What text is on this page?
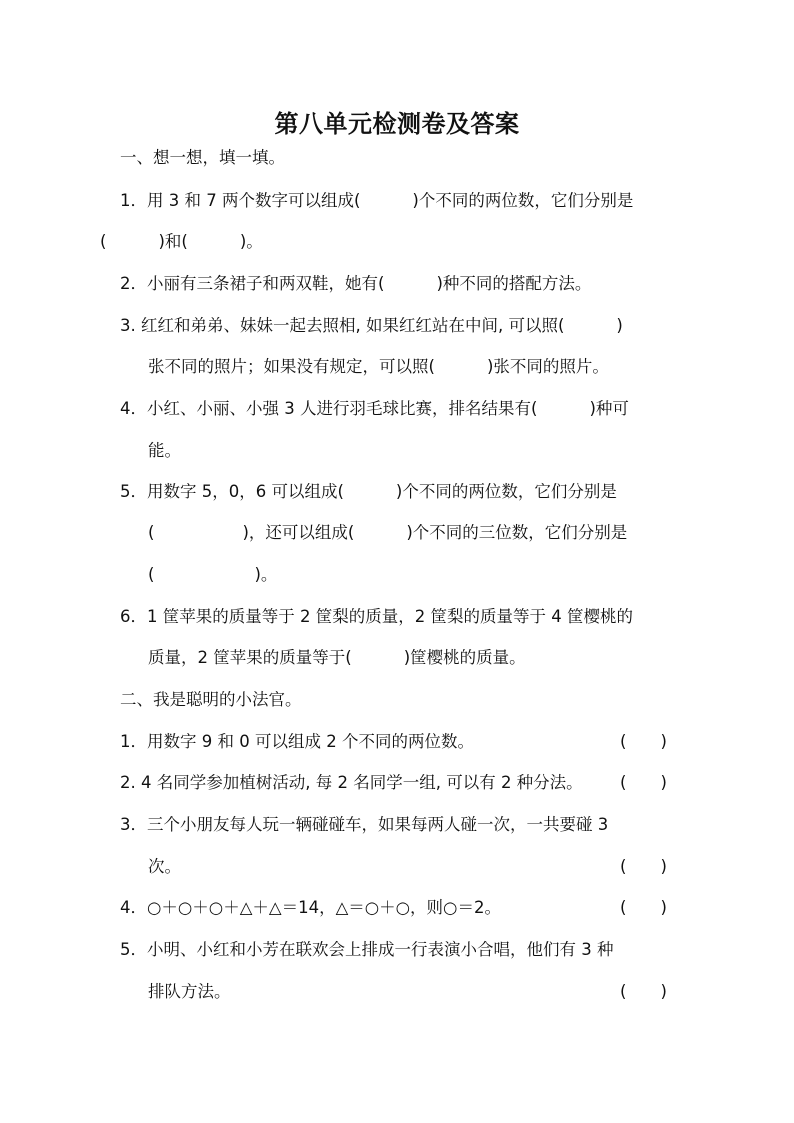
第八单元检测卷及答案
一、想一想，填一填。
1．用 3 和 7 两个数字可以组成(	)个不同的两位数，它们分别是
(	)和(	)。
2．小丽有三条裙子和两双鞋，她有(	)种不同的搭配方法。
3. 红红和弟弟、妹妹一起去照相, 如果红红站在中间, 可以照(	)
张不同的照片；如果没有规定，可以照(	)张不同的照片。
4．小红、小丽、小强 3 人进行羽毛球比赛，排名结果有(	)种可
能。
5．用数字 5，0，6 可以组成(	)个不同的两位数，它们分别是
(	)，还可以组成(	)个不同的三位数，它们分别是
(	)。
6．1 筐苹果的质量等于 2 筐梨的质量，2 筐梨的质量等于 4 筐樱桃的
质量，2 筐苹果的质量等于(	)筐樱桃的质量。
二、我是聪明的小法官。
1．用数字 9 和 0 可以组成 2 个不同的两位数。	( )
2. 4 名同学参加植树活动, 每 2 名同学一组, 可以有 2 种分法。 ( )
3．三个小朋友每人玩一辆碰碰车，如果每两人碰一次，一共要碰 3
次。	( )
4．○＋○＋○＋△＋△＝14，△＝○＋○，则○＝2。	( )
5．小明、小红和小芳在联欢会上排成一行表演小合唱，他们有 3 种
排队方法。	( )
